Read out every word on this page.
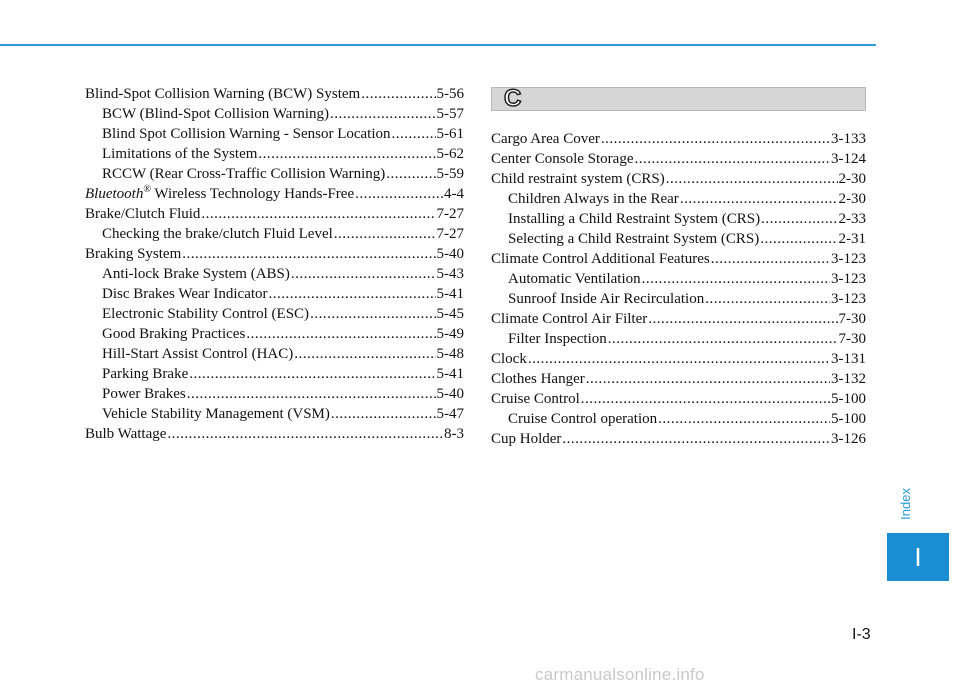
Blind-Spot Collision Warning (BCW) System .....	5-56
BCW (Blind-Spot Collision Warning) .....	5-57
Blind Spot Collision Warning - Sensor Location .....	5-61
Limitations of the System .....	5-62
RCCW (Rear Cross-Traffic Collision Warning) .....	5-59
Bluetooth® Wireless Technology Hands-Free .....	4-4
Brake/Clutch Fluid .....	7-27
Checking the brake/clutch Fluid Level .....	7-27
Braking System .....	5-40
Anti-lock Brake System (ABS) .....	5-43
Disc Brakes Wear Indicator .....	5-41
Electronic Stability Control (ESC) .....	5-45
Good Braking Practices .....	5-49
Hill-Start Assist Control (HAC) .....	5-48
Parking Brake .....	5-41
Power Brakes .....	5-40
Vehicle Stability Management (VSM) .....	5-47
Bulb Wattage .....	8-3
C
Cargo Area Cover .....	3-133
Center Console Storage .....	3-124
Child restraint system (CRS) .....	2-30
Children Always in the Rear .....	2-30
Installing a Child Restraint System (CRS) .....	2-33
Selecting a Child Restraint System (CRS) .....	2-31
Climate Control Additional Features .....	3-123
Automatic Ventilation .....	3-123
Sunroof Inside Air Recirculation .....	3-123
Climate Control Air Filter .....	7-30
Filter Inspection .....	7-30
Clock .....	3-131
Clothes Hanger .....	3-132
Cruise Control .....	5-100
Cruise Control operation .....	5-100
Cup Holder .....	3-126
Index
I
I-3
carmanualsonline.info
